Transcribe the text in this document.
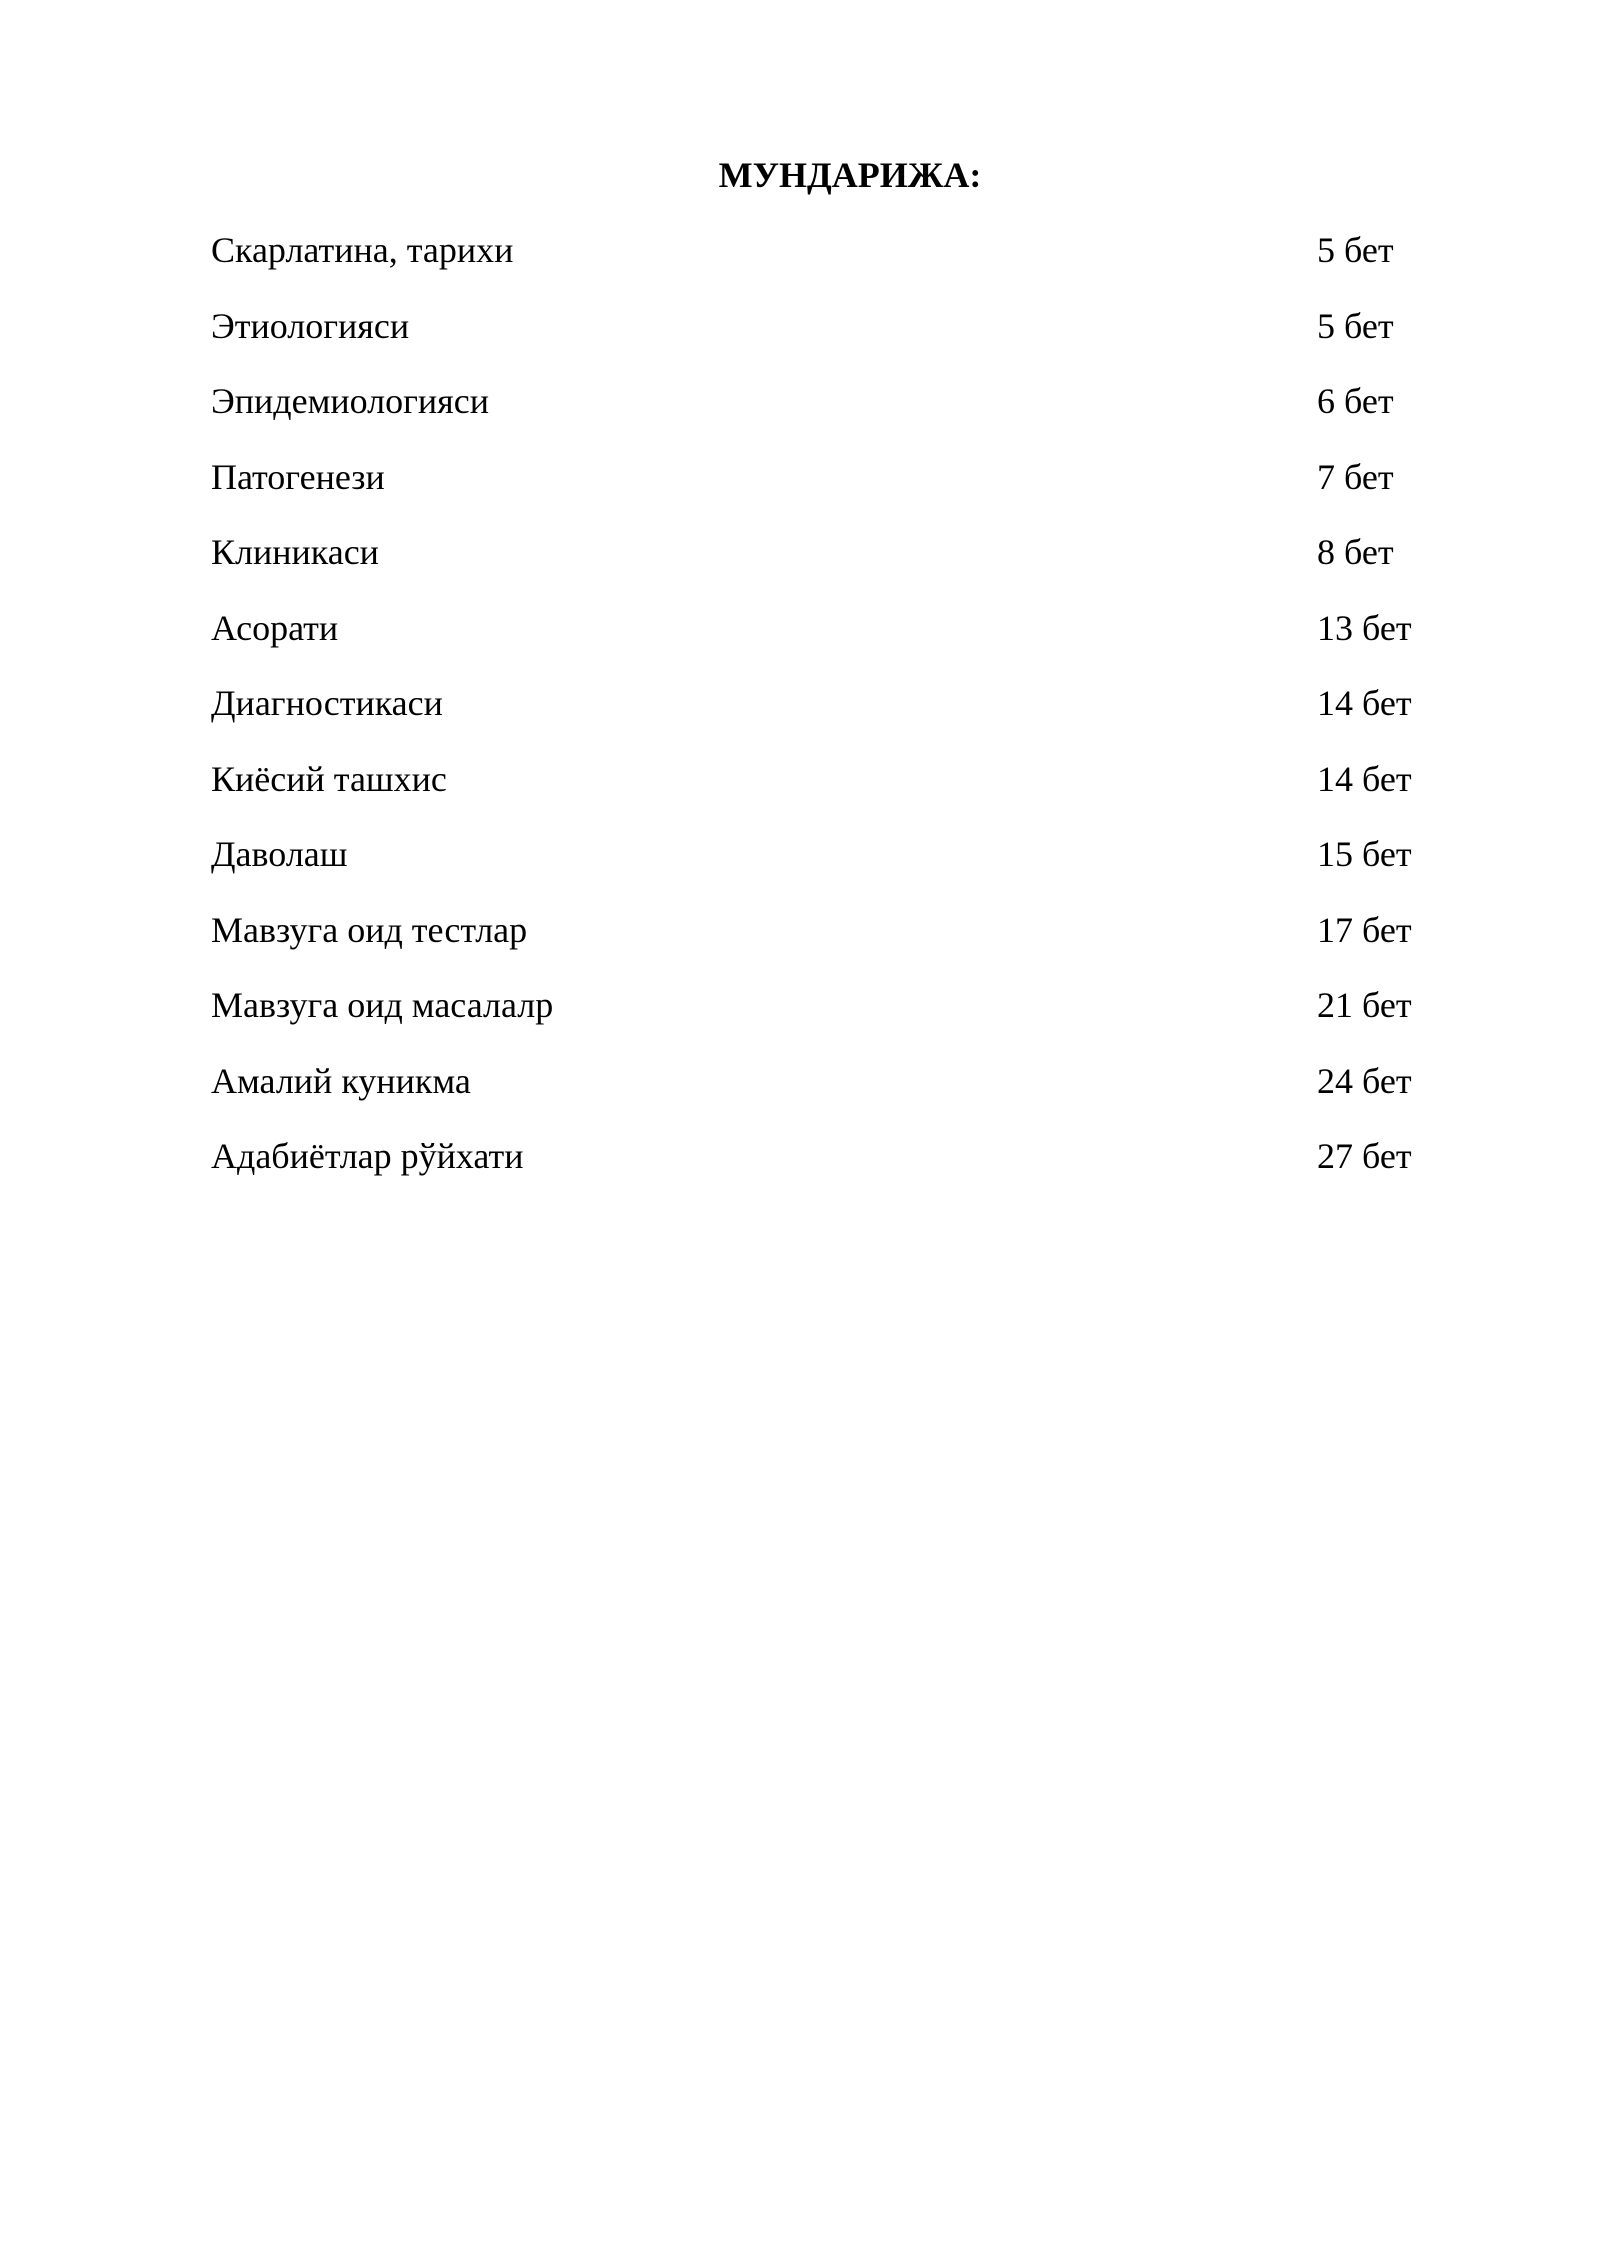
МУНДАРИЖА:
Скарлатина, тарихи	5 бет
Этиологияси	5 бет
Эпидемиологияси	6 бет
Патогенези	7 бет
Клиникаси	8 бет
Асорати	13 бет
Диагностикаси	14 бет
Киёсий ташхис	14 бет
Даволаш	15 бет
Мавзуга оид тестлар	17 бет
Мавзуга оид масалалр	21 бет
Амалий куникма	24 бет
Адабиётлар рўйхати	27 бет
